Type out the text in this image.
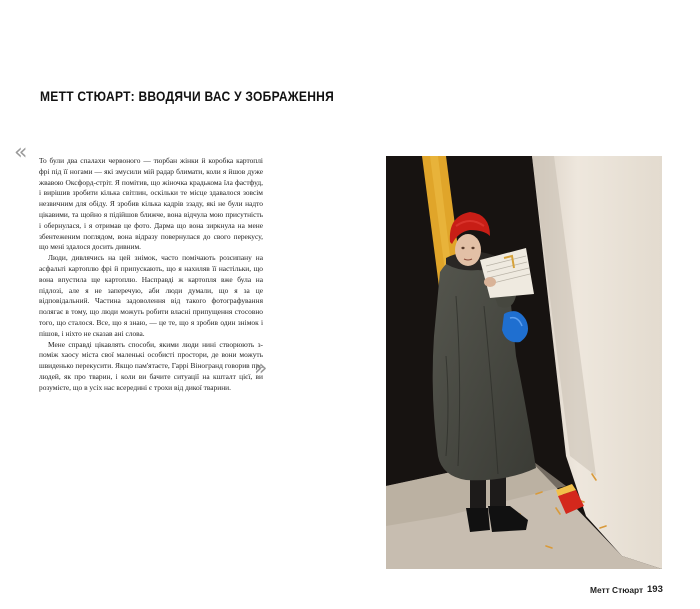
МЕТТ СТЮАРТ: ВВОДЯЧИ ВАС У ЗОБРАЖЕННЯ
« То були два спалахи червоного — тюрбан жінки й коробка картоплі фрі під її ногами — які змусили мій радар блимати, коли я йшов дуже жвавою Оксфорд-стріт. Я помітив, що жіночка крадькома їла фастфуд, і вирішив зробити кілька світлин, оскільки те місце здавалося зовсім незвичним для обіду. Я зробив кілька кадрів ззаду, які не були надто цікавими, та щойно я підійшов ближче, вона відчула мою присутність і обернулася, і я отримав це фото. Дарма що вона зиркнула на мене збентеженим поглядом, вона відразу повернулася до свого перекусу, що мені здалося досить дивним.

Люди, дивлячись на цей знімок, часто помічають розсипану на асфальті картоплю фрі й припускають, що я нахиляв її настільки, що вона впустила ще картоплю. Насправді ж картопля вже була на підлозі, але я не заперечую, аби люди думали, що я за це відповідальний. Частина задоволення від такого фотографування полягає в тому, що люди можуть робити власні припущення стосовно того, що сталося. Все, що я знаю, — це те, що я зробив один знімок і пішов, і ніхто не сказав ані слова.

Мене справді цікавлять способи, якими люди нині створюють з-поміж хаосу міста свої маленькі особисті простори, де вони можуть швиденько перекусити. Якщо пам'ятаєте, Гаррі Віногранд говорив про людей, як про тварин, і коли ви бачите ситуації на кшталт цієї, ви розумієте, що в усіх нас всередині є трохи від дикої тварини.

»
Метт Стюарт 193
